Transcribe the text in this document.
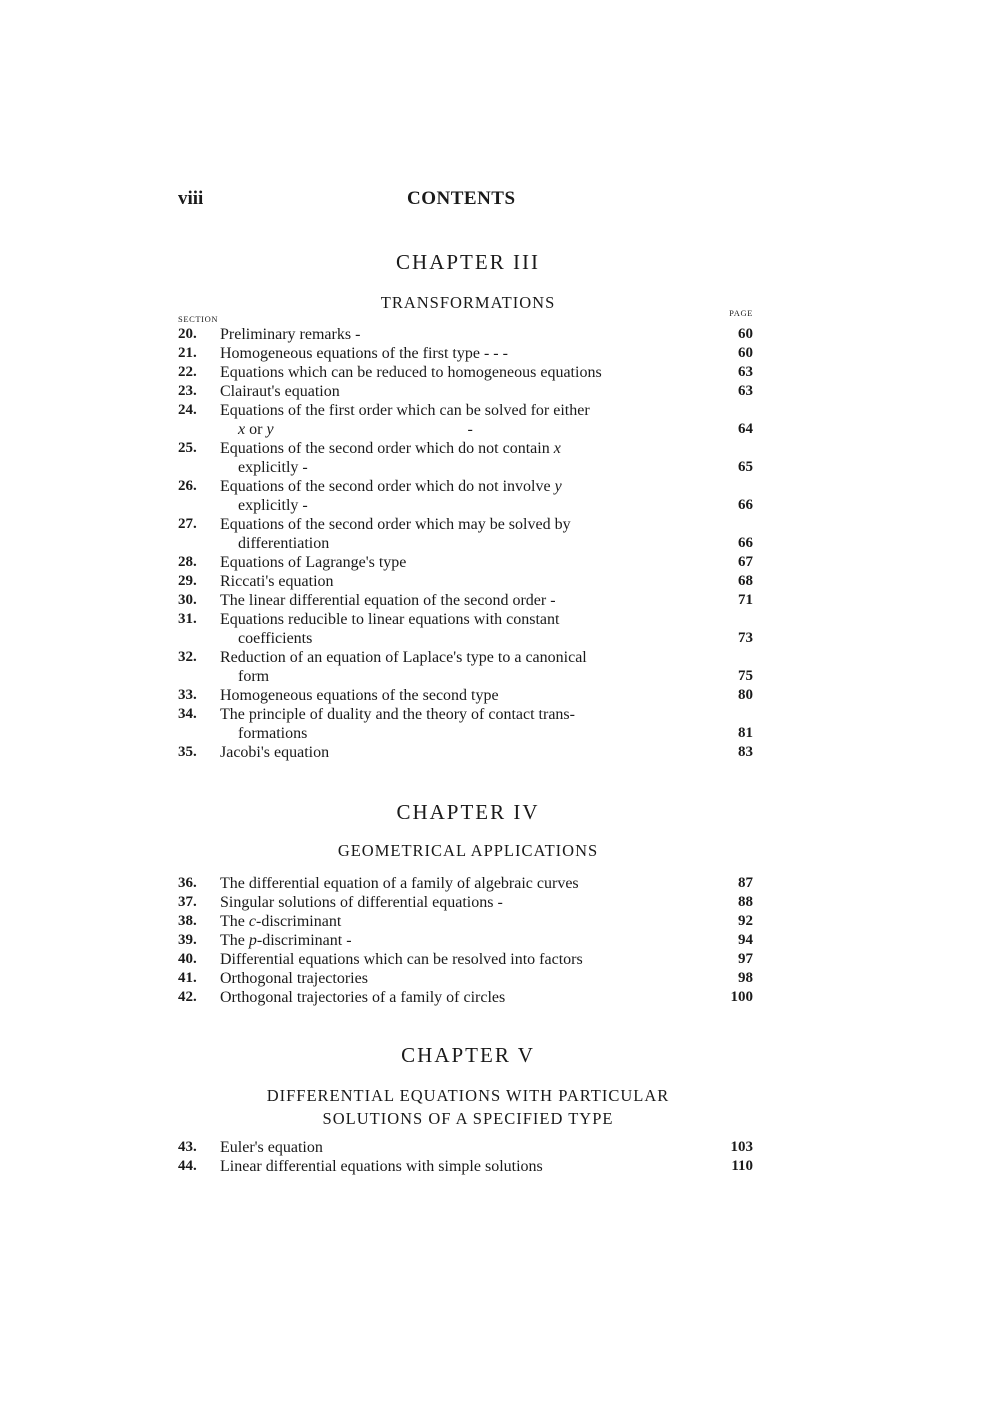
viii	CONTENTS
CHAPTER III
TRANSFORMATIONS
SECTION
PAGE
20.	Preliminary remarks -	60
21.	Homogeneous equations of the first type - - -	60
22.	Equations which can be reduced to homogeneous equations	63
23.	Clairaut's equation	63
24.	Equations of the first order which can be solved for either
x or y	-	64
25.	Equations of the second order which do not contain x
explicitly -	65
26.	Equations of the second order which do not involve y
explicitly -	66
27.	Equations of the second order which may be solved by
differentiation	66
28.	Equations of Lagrange's type	67
29.	Riccati's equation	68
30.	The linear differential equation of the second order -	71
31.	Equations reducible to linear equations with constant
coefficients	73
32.	Reduction of an equation of Laplace's type to a canonical
form	75
33.	Homogeneous equations of the second type	80
34.	The principle of duality and the theory of contact trans-
formations	81
35.	Jacobi's equation	83
CHAPTER IV
GEOMETRICAL APPLICATIONS
36.	The differential equation of a family of algebraic curves	87
37.	Singular solutions of differential equations -	88
38.	The c-discriminant	92
39.	The p-discriminant -	94
40.	Differential equations which can be resolved into factors	97
41.	Orthogonal trajectories	98
42.	Orthogonal trajectories of a family of circles	100
CHAPTER V
DIFFERENTIAL EQUATIONS WITH PARTICULAR
SOLUTIONS OF A SPECIFIED TYPE
43.	Euler's equation	103
44.	Linear differential equations with simple solutions	110
